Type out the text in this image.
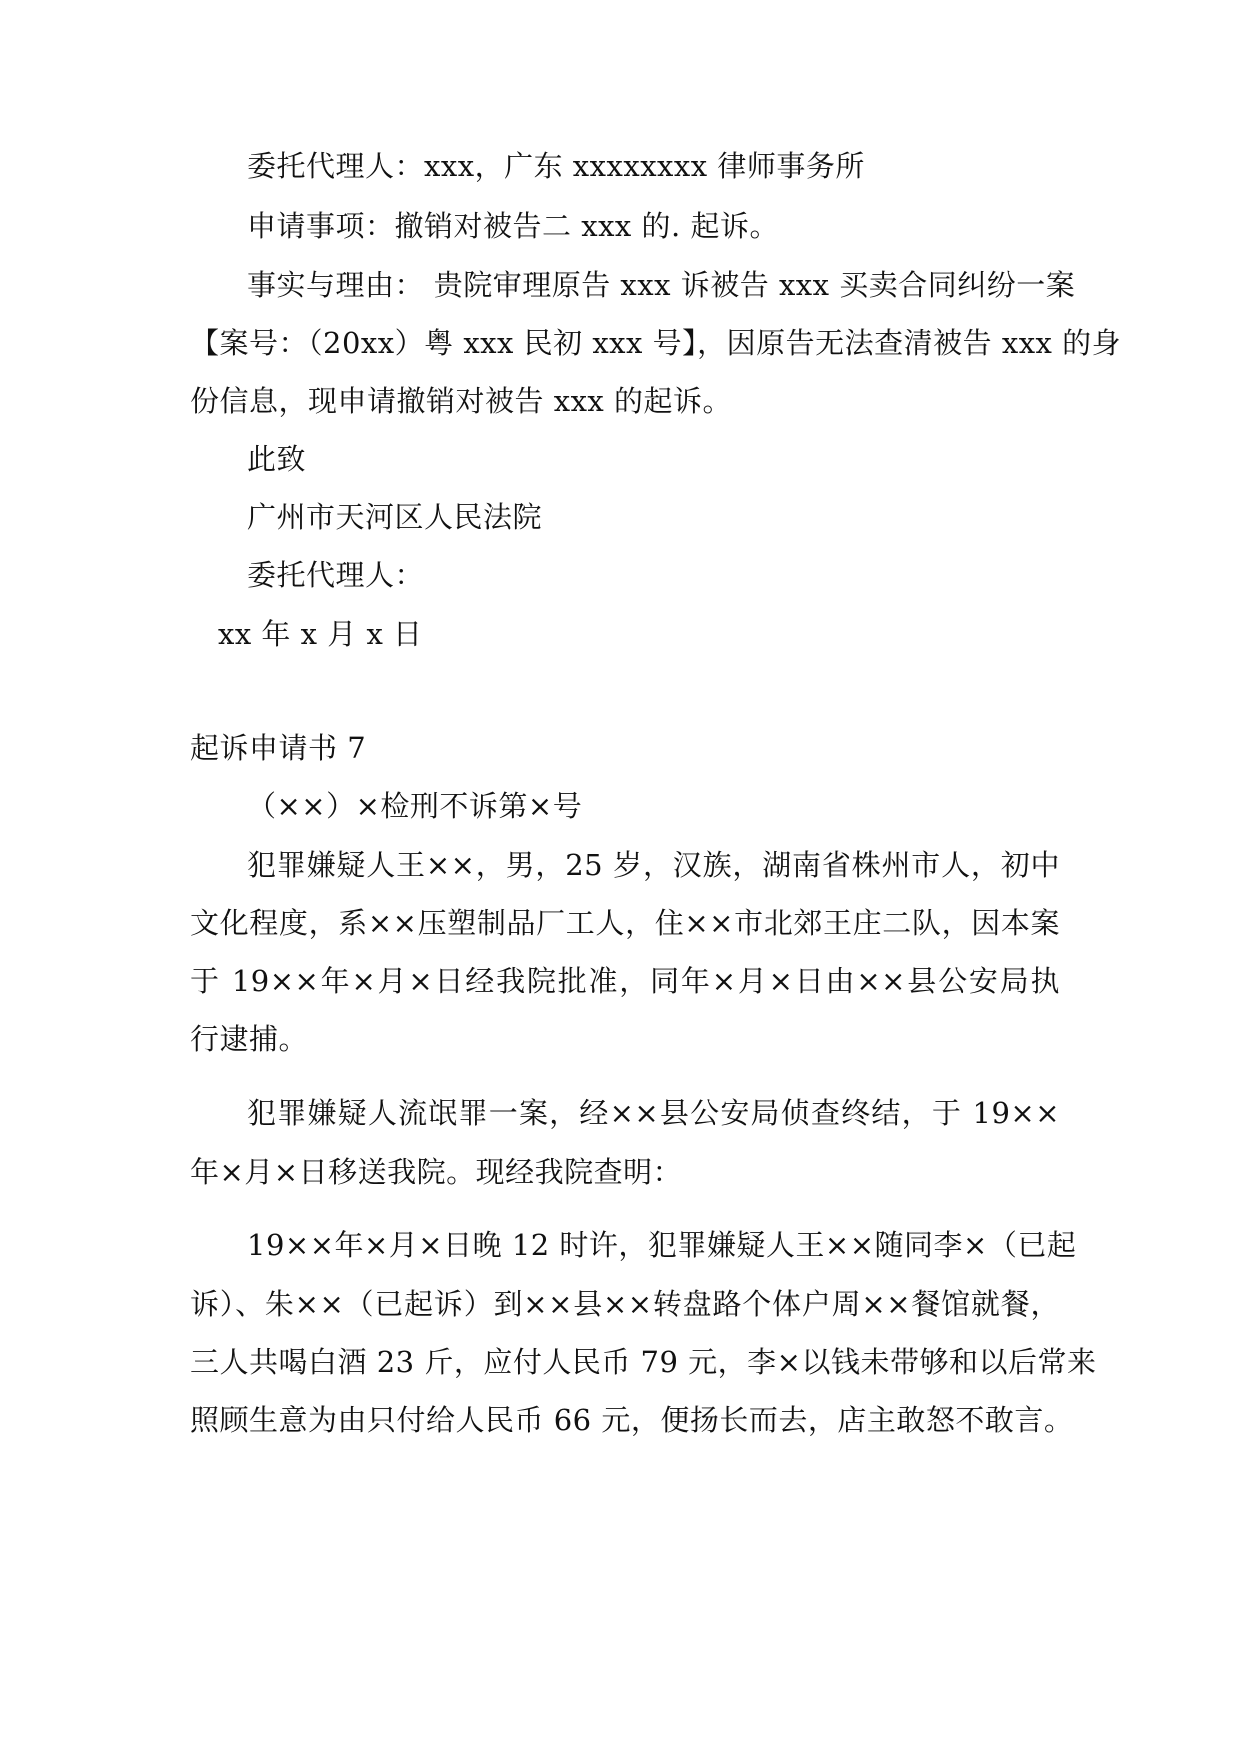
委托代理人：xxx，广东 xxxxxxxx 律师事务所
申请事项：撤销对被告二 xxx 的. 起诉。
事实与理由： 贵院审理原告 xxx 诉被告 xxx 买卖合同纠纷一案
【案号：（20xx）粤 xxx 民初 xxx 号】，因原告无法查清被告 xxx 的身
份信息，现申请撤销对被告 xxx 的起诉。
此致
广州市天河区人民法院
委托代理人：
xx 年 x 月 x 日
起诉申请书 7
（××）×检刑不诉第×号
犯罪嫌疑人王××，男，25 岁，汉族，湖南省株州市人，初中
文化程度，系××压塑制品厂工人，住××市北郊王庄二队，因本案
于 19××年×月×日经我院批准，同年×月×日由××县公安局执
行逮捕。
犯罪嫌疑人流氓罪一案，经××县公安局侦查终结，于 19××
年×月×日移送我院。现经我院查明：
19××年×月×日晚 12 时许，犯罪嫌疑人王××随同李×（已起
诉）、朱××（已起诉）到××县××转盘路个体户周××餐馆就餐，
三人共喝白酒 23 斤，应付人民币 79 元，李×以钱未带够和以后常来
照顾生意为由只付给人民币 66 元，便扬长而去，店主敢怒不敢言。
